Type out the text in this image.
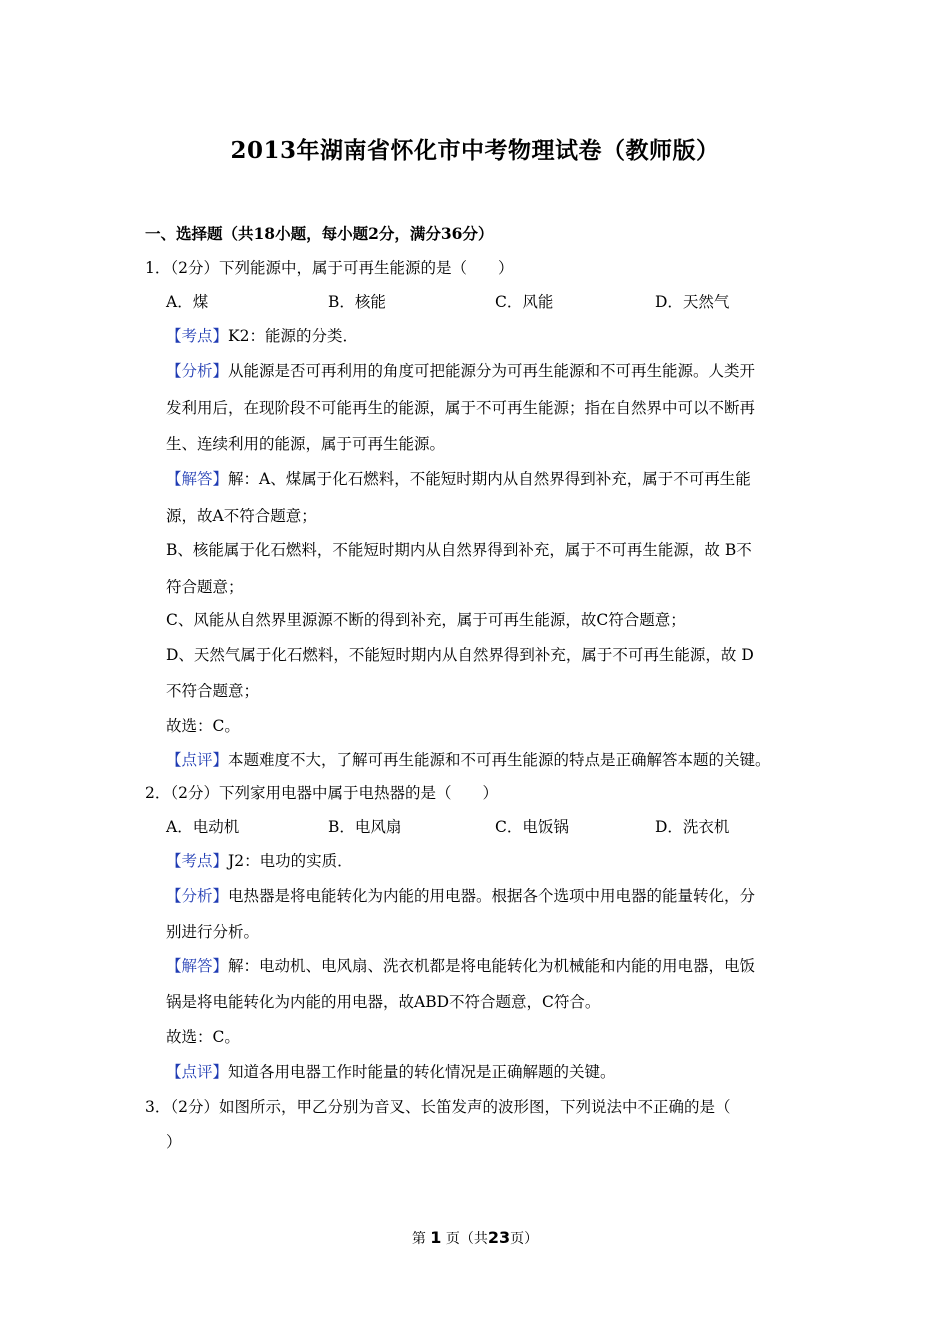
2013年湖南省怀化市中考物理试卷（教师版）
一、选择题（共18小题，每小题2分，满分36分）
1．（2分）下列能源中，属于可再生能源的是（　　）
A．煤	B．核能	C．风能	D．天然气
【考点】K2：能源的分类．
【分析】从能源是否可再利用的角度可把能源分为可再生能源和不可再生能源。人类开
发利用后，在现阶段不可能再生的能源，属于不可再生能源；指在自然界中可以不断再
生、连续利用的能源，属于可再生能源。
【解答】解：A、煤属于化石燃料，不能短时期内从自然界得到补充，属于不可再生能
源，故A不符合题意；
B、核能属于化石燃料，不能短时期内从自然界得到补充，属于不可再生能源，故 B不
符合题意；
C、风能从自然界里源源不断的得到补充，属于可再生能源，故C符合题意；
D、天然气属于化石燃料，不能短时期内从自然界得到补充，属于不可再生能源，故 D
不符合题意；
故选：C。
【点评】本题难度不大，了解可再生能源和不可再生能源的特点是正确解答本题的关键。
2．（2分）下列家用电器中属于电热器的是（　　）
A．电动机	B．电风扇	C．电饭锅	D．洗衣机
【考点】J2：电功的实质．
【分析】电热器是将电能转化为内能的用电器。根据各个选项中用电器的能量转化，分
别进行分析。
【解答】解：电动机、电风扇、洗衣机都是将电能转化为机械能和内能的用电器，电饭
锅是将电能转化为内能的用电器，故ABD不符合题意，C符合。
故选：C。
【点评】知道各用电器工作时能量的转化情况是正确解题的关键。
3．（2分）如图所示，甲乙分别为音叉、长笛发声的波形图，下列说法中不正确的是（
）
第 1 页（共23页）
